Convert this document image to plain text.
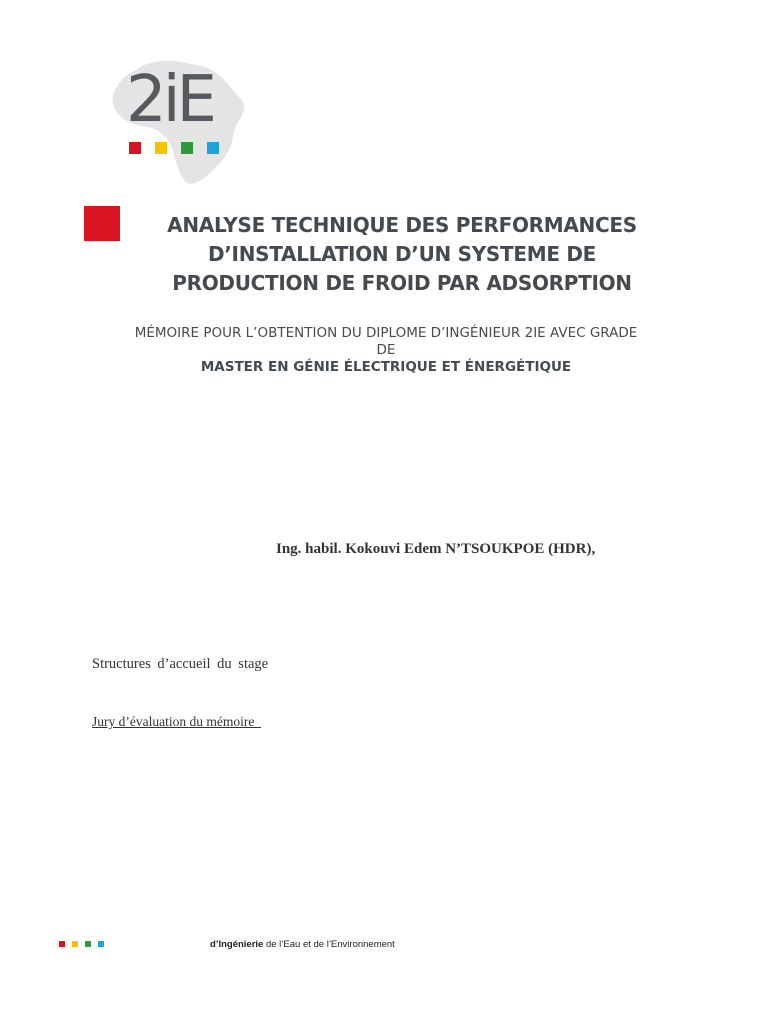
2iE
ANALYSE TECHNIQUE DES PERFORMANCES
D’INSTALLATION D’UN SYSTEME DE
PRODUCTION DE FROID PAR ADSORPTION
MÉMOIRE POUR L’OBTENTION DU DIPLOME D’INGÉNIEUR 2IE AVEC GRADE
DE
MASTER EN GÉNIE ÉLECTRIQUE ET ÉNERGÉTIQUE
Ing. habil. Kokouvi Edem N’TSOUKPOE (HDR),
Structures d’accueil du stage
Jury d’évaluation du mémoire
d’Ingénierie de l’Eau et de l’Environnement
